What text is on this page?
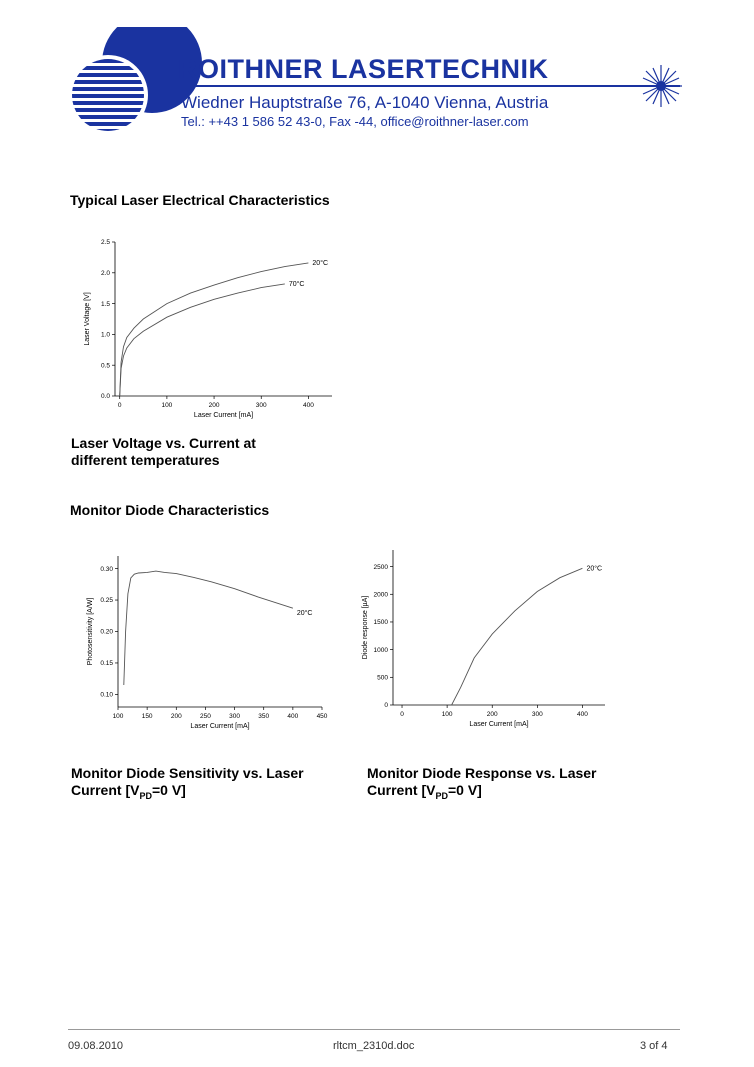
ROITHNER LASERTECHNIK
Wiedner Hauptstraße 76, A-1040 Vienna, Austria
Tel.: ++43 1 586 52 43-0, Fax -44, office@roithner-laser.com
Typical Laser Electrical Characteristics
0	100	200	300	400
0.0
0.5
1.0
1.5
2.0
2.5
Laser Current [mA]
Laser Voltage [V]
20°C
70°C
Laser Voltage vs. Current at
different temperatures
Monitor Diode Characteristics
100	150	200	250	300	350	400	450
0.10
0.15
0.20
0.25
0.30
Laser Current [mA]
Photosensitivity [A/W]	20°C
0	100	200	300	400
0
500
1000
1500
2000
2500
Laser Current [mA]
Diode response [µA]
20°C
Monitor Diode Sensitivity vs. Laser
Current [$V_{PD}=0$ V]
Monitor Diode Response vs. Laser
Current [$V_{PD}=0$ V]
09.08.2010	rltcm_2310d.doc	3 of 4
